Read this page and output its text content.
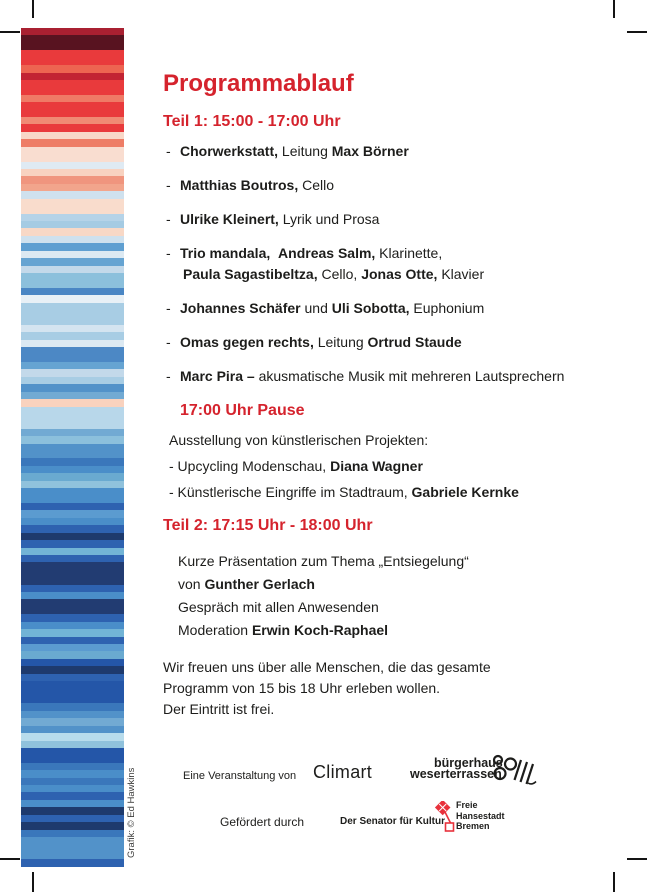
Grafik: © Ed Hawkins
Programmablauf
Teil 1: 15:00 - 17:00 Uhr
- Chorwerkstatt, Leitung Max Börner
- Matthias Boutros, Cello
- Ulrike Kleinert, Lyrik und Prosa
- Trio mandala, Andreas Salm, Klarinette,
Paula Sagastibeltza, Cello, Jonas Otte, Klavier
- Johannes Schäfer und Uli Sobotta, Euphonium
- Omas gegen rechts, Leitung Ortrud Staude
- Marc Pira – akusmatische Musik mit mehreren Lautsprechern
17:00 Uhr Pause
Ausstellung von künstlerischen Projekten:
- Upcycling Modenschau, Diana Wagner
- Künstlerische Eingriffe im Stadtraum, Gabriele Kernke
Teil 2: 17:15 Uhr - 18:00 Uhr
Kurze Präsentation zum Thema „Entsiegelung“
von Gunther Gerlach
Gespräch mit allen Anwesenden
Moderation Erwin Koch-Raphael
Wir freuen uns über alle Menschen, die das gesamte
Programm von 15 bis 18 Uhr erleben wollen.
Der Eintritt ist frei.
Eine Veranstaltung von Climart	bürgerhaus
weserterrassen
Gefördert durch	Der Senator für Kultur
Freie
Hansestadt
Bremen
